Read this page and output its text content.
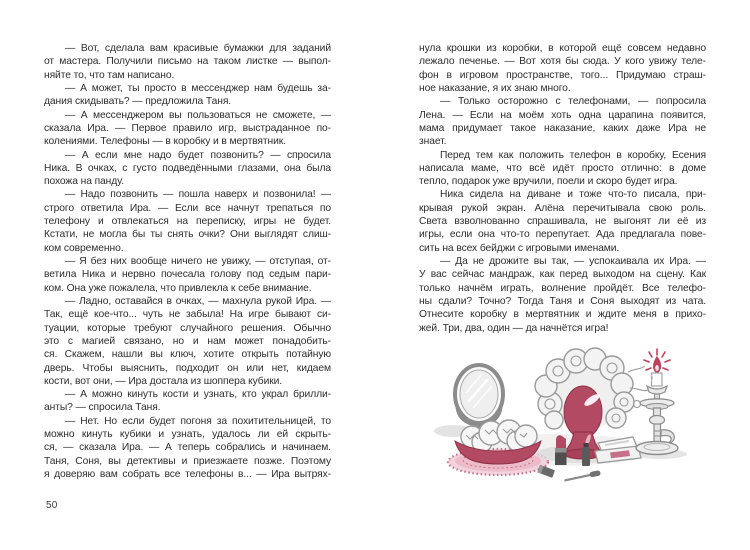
— Вот, сделала вам красивые бумажки для заданий
от мастера. Получили письмо на таком листке — выпол-
няйте то, что там написано.
— А может, ты просто в мессенджер нам будешь за-
дания скидывать? — предложила Таня.
— А мессенджером вы пользоваться не сможете, —
сказала Ира. — Первое правило игр, выстраданное по-
колениями. Телефоны — в коробку и в мертвятник.
— А если мне надо будет позвонить? — спросила
Ника. В очках, с густо подведёнными глазами, она была
похожа на панду.
— Надо позвонить — пошла наверх и позвонила! —
строго ответила Ира. — Если все начнут трепаться по
телефону и отвлекаться на переписку, игры не будет.
Кстати, не могла бы ты снять очки? Они выглядят слиш-
ком современно.
— Я без них вообще ничего не увижу, — отступая, от-
ветила Ника и нервно почесала голову под седым пари-
ком. Она уже пожалела, что привлекла к себе внимание.
— Ладно, оставайся в очках, — махнула рукой Ира. —
Так, ещё кое-что... чуть не забыла! На игре бывают си-
туации, которые требуют случайного решения. Обычно
это с магией связано, но и нам может понадобить-
ся. Скажем, нашли вы ключ, хотите открыть потайную
дверь. Чтобы выяснить, подходит он или нет, кидаем
кости, вот они, — Ира достала из шоппера кубики.
— А можно кинуть кости и узнать, кто украл брилли-
анты? — спросила Таня.
— Нет. Но если будет погоня за похитительницей, то
можно кинуть кубики и узнать, удалось ли ей скрыть-
ся, — сказала Ира. — А теперь собрались и начинаем.
Таня, Соня, вы детективы и приезжаете позже. Поэтому
я доверяю вам собрать все телефоны в... — Ира вытрях-
нула крошки из коробки, в которой ещё совсем недавно
лежало печенье. — Вот хотя бы сюда. У кого увижу теле-
фон в игровом пространстве, того... Придумаю страш-
ное наказание, я их знаю много.
— Только осторожно с телефонами, — попросила
Лена. — Если на моём хоть одна царапина появится,
мама придумает такое наказание, каких даже Ира не
знает.
Перед тем как положить телефон в коробку, Есения
написала маме, что всё идёт просто отлично: в доме
тепло, подарок уже вручили, поели и скоро будет игра.
Ника сидела на диване и тоже что-то писала, при-
крывая рукой экран. Алёна перечитывала свою роль.
Света взволнованно спрашивала, не выгонят ли её из
игры, если она что-то перепутает. Ада предлагала пове-
сить на всех бейджи с игровыми именами.
— Да не дрожите вы так, — успокаивала их Ира. —
У вас сейчас мандраж, как перед выходом на сцену. Как
только начнём играть, волнение пройдёт. Все телефо-
ны сдали? Точно? Тогда Таня и Соня выходят из чата.
Отнесите коробку в мертвятник и ждите меня в прихо-
жей. Три, два, один — да начнётся игра!
50
